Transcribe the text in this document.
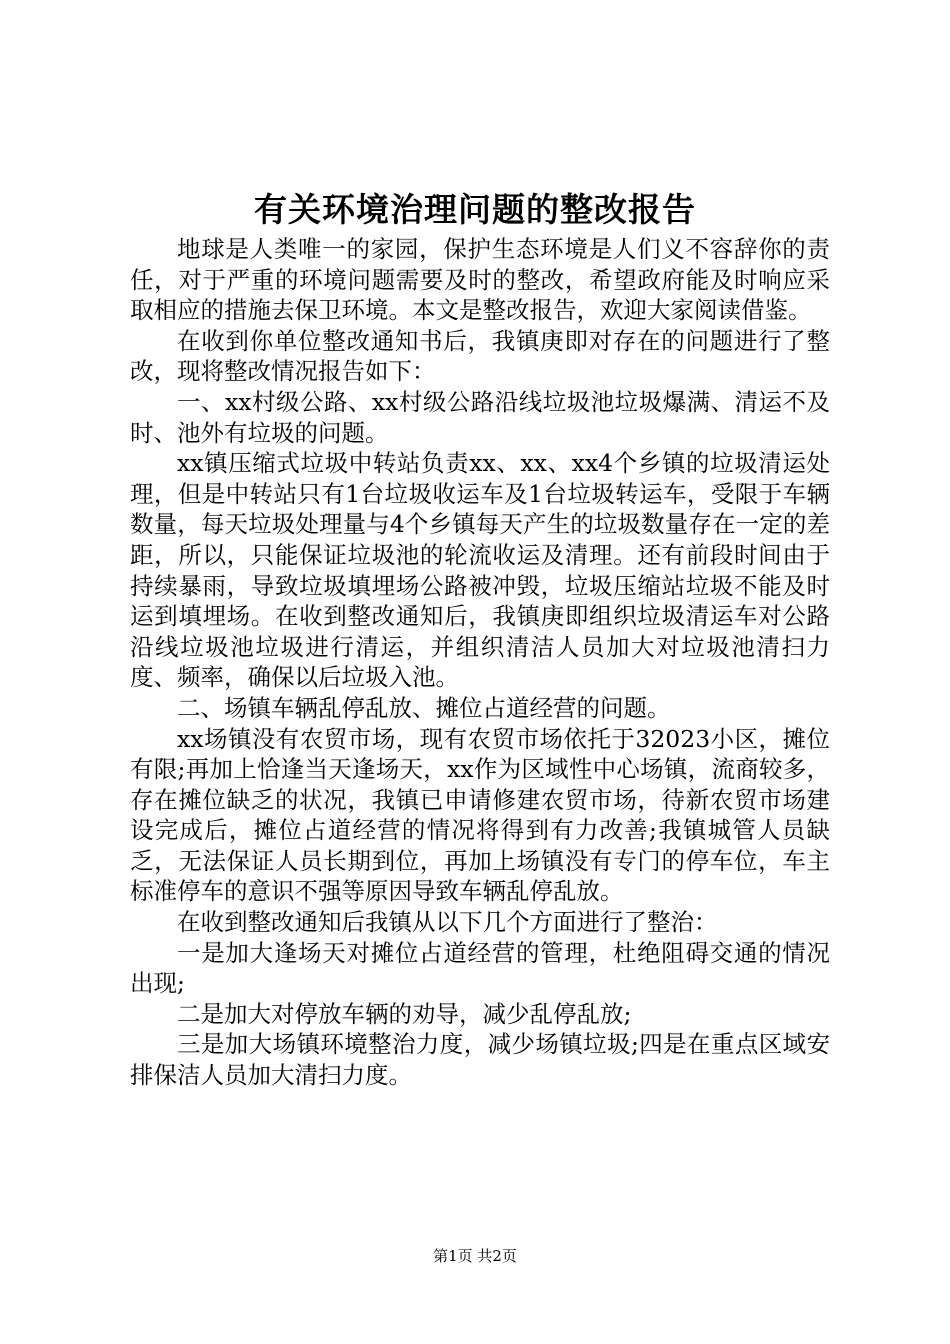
有关环境治理问题的整改报告

地球是人类唯一的家园，保护生态环境是人们义不容辞你的责任，对于严重的环境问题需要及时的整改，希望政府能及时响应采取相应的措施去保卫环境。本文是整改报告，欢迎大家阅读借鉴。

在收到你单位整改通知书后，我镇庚即对存在的问题进行了整改，现将整改情况报告如下：

一、xx村级公路、xx村级公路沿线垃圾池垃圾爆满、清运不及时、池外有垃圾的问题。

xx镇压缩式垃圾中转站负责xx、xx、xx4个乡镇的垃圾清运处理，但是中转站只有1台垃圾收运车及1台垃圾转运车，受限于车辆数量，每天垃圾处理量与4个乡镇每天产生的垃圾数量存在一定的差距，所以，只能保证垃圾池的轮流收运及清理。还有前段时间由于持续暴雨，导致垃圾填埋场公路被冲毁，垃圾压缩站垃圾不能及时运到填埋场。在收到整改通知后，我镇庚即组织垃圾清运车对公路沿线垃圾池垃圾进行清运，并组织清洁人员加大对垃圾池清扫力度、频率，确保以后垃圾入池。

二、场镇车辆乱停乱放、摊位占道经营的问题。

xx场镇没有农贸市场，现有农贸市场依托于32023小区，摊位有限;再加上恰逢当天逢场天，xx作为区域性中心场镇，流商较多，存在摊位缺乏的状况，我镇已申请修建农贸市场，待新农贸市场建设完成后，摊位占道经营的情况将得到有力改善;我镇城管人员缺乏，无法保证人员长期到位，再加上场镇没有专门的停车位，车主标准停车的意识不强等原因导致车辆乱停乱放。

在收到整改通知后我镇从以下几个方面进行了整治：

一是加大逢场天对摊位占道经营的管理，杜绝阻碍交通的情况出现;

二是加大对停放车辆的劝导，减少乱停乱放;

三是加大场镇环境整治力度，减少场镇垃圾;四是在重点区域安排保洁人员加大清扫力度。

第1页 共2页
